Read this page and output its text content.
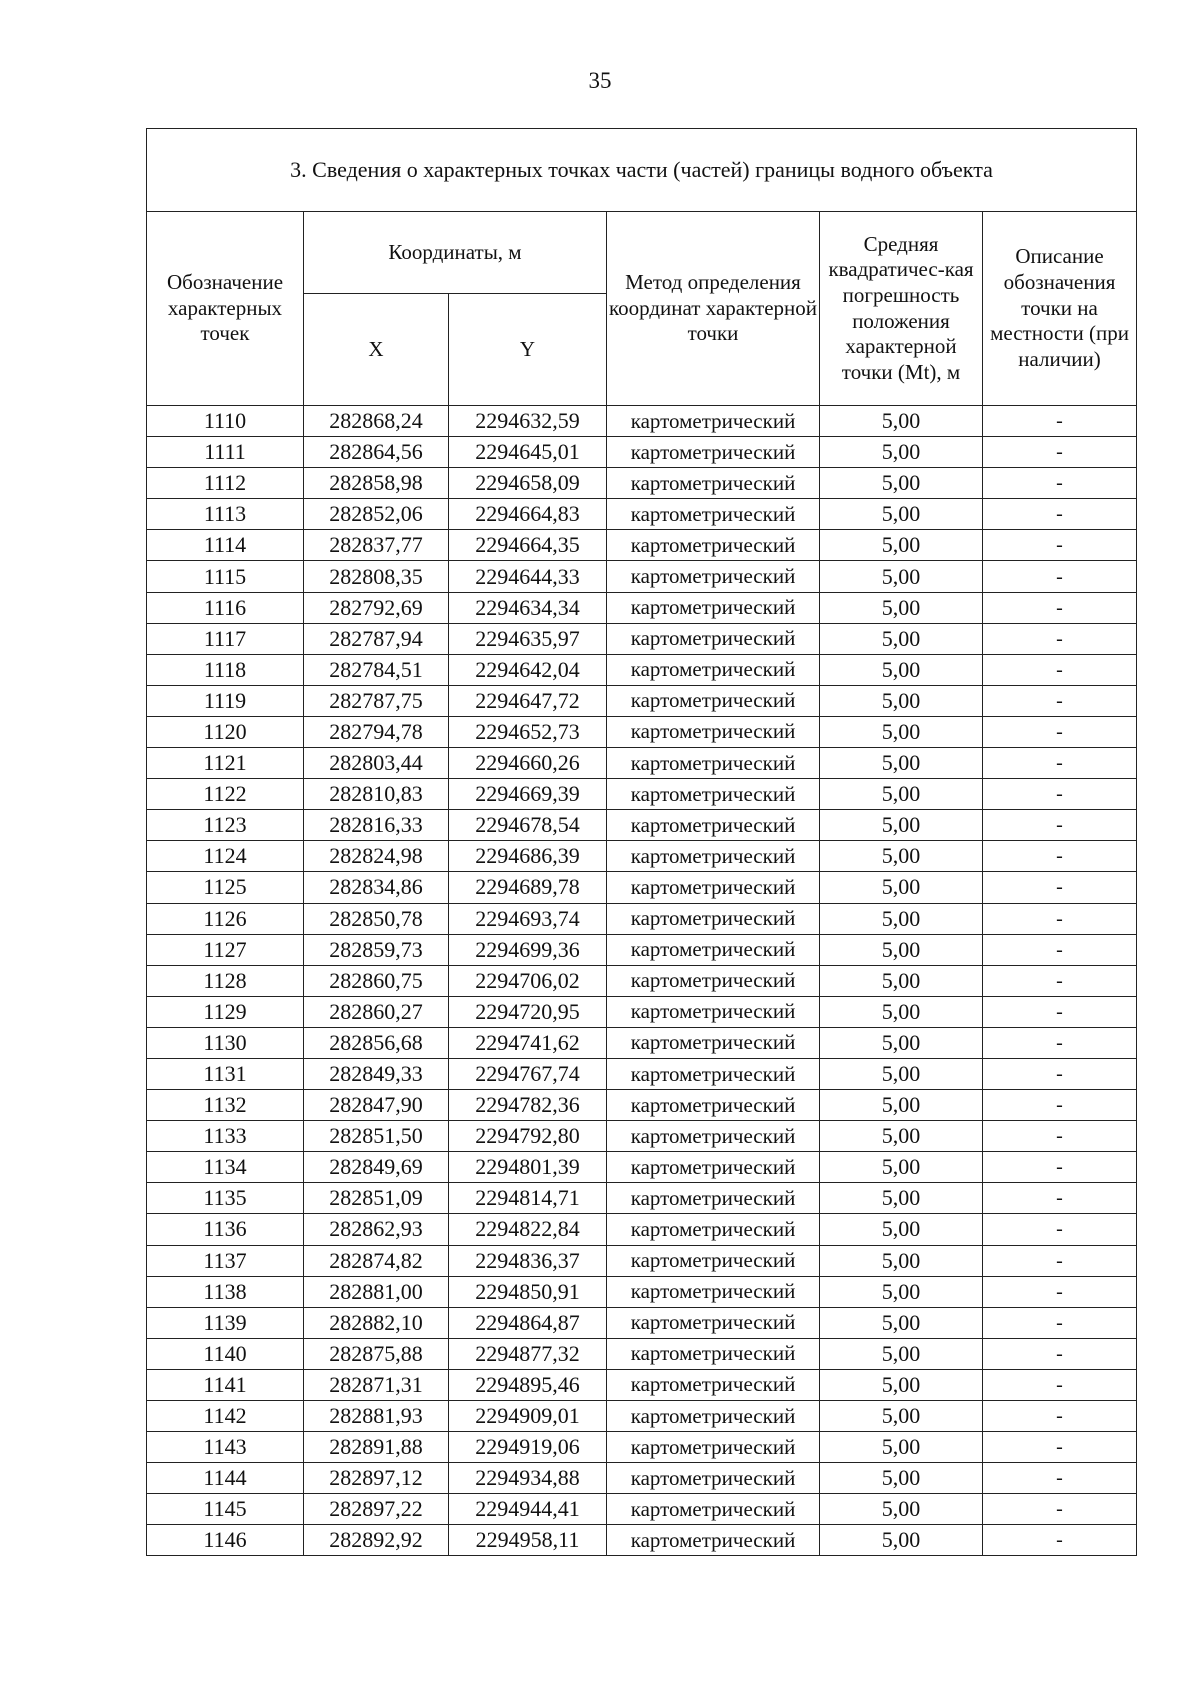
35
3. Сведения о характерных точках части (частей) границы водного объекта					
Обозначение характерных точек	Координаты, м		Метод определения координат характерной точки	Средняя квадратичес-кая погрешность положения характерной точки (Mt), м	Описание обозначения точки на местности (при наличии)
	X	Y			
1110	282868,24	2294632,59	картометрический	5,00	-
1111	282864,56	2294645,01	картометрический	5,00	-
1112	282858,98	2294658,09	картометрический	5,00	-
1113	282852,06	2294664,83	картометрический	5,00	-
1114	282837,77	2294664,35	картометрический	5,00	-
1115	282808,35	2294644,33	картометрический	5,00	-
1116	282792,69	2294634,34	картометрический	5,00	-
1117	282787,94	2294635,97	картометрический	5,00	-
1118	282784,51	2294642,04	картометрический	5,00	-
1119	282787,75	2294647,72	картометрический	5,00	-
1120	282794,78	2294652,73	картометрический	5,00	-
1121	282803,44	2294660,26	картометрический	5,00	-
1122	282810,83	2294669,39	картометрический	5,00	-
1123	282816,33	2294678,54	картометрический	5,00	-
1124	282824,98	2294686,39	картометрический	5,00	-
1125	282834,86	2294689,78	картометрический	5,00	-
1126	282850,78	2294693,74	картометрический	5,00	-
1127	282859,73	2294699,36	картометрический	5,00	-
1128	282860,75	2294706,02	картометрический	5,00	-
1129	282860,27	2294720,95	картометрический	5,00	-
1130	282856,68	2294741,62	картометрический	5,00	-
1131	282849,33	2294767,74	картометрический	5,00	-
1132	282847,90	2294782,36	картометрический	5,00	-
1133	282851,50	2294792,80	картометрический	5,00	-
1134	282849,69	2294801,39	картометрический	5,00	-
1135	282851,09	2294814,71	картометрический	5,00	-
1136	282862,93	2294822,84	картометрический	5,00	-
1137	282874,82	2294836,37	картометрический	5,00	-
1138	282881,00	2294850,91	картометрический	5,00	-
1139	282882,10	2294864,87	картометрический	5,00	-
1140	282875,88	2294877,32	картометрический	5,00	-
1141	282871,31	2294895,46	картометрический	5,00	-
1142	282881,93	2294909,01	картометрический	5,00	-
1143	282891,88	2294919,06	картометрический	5,00	-
1144	282897,12	2294934,88	картометрический	5,00	-
1145	282897,22	2294944,41	картометрический	5,00	-
1146	282892,92	2294958,11	картометрический	5,00	-
